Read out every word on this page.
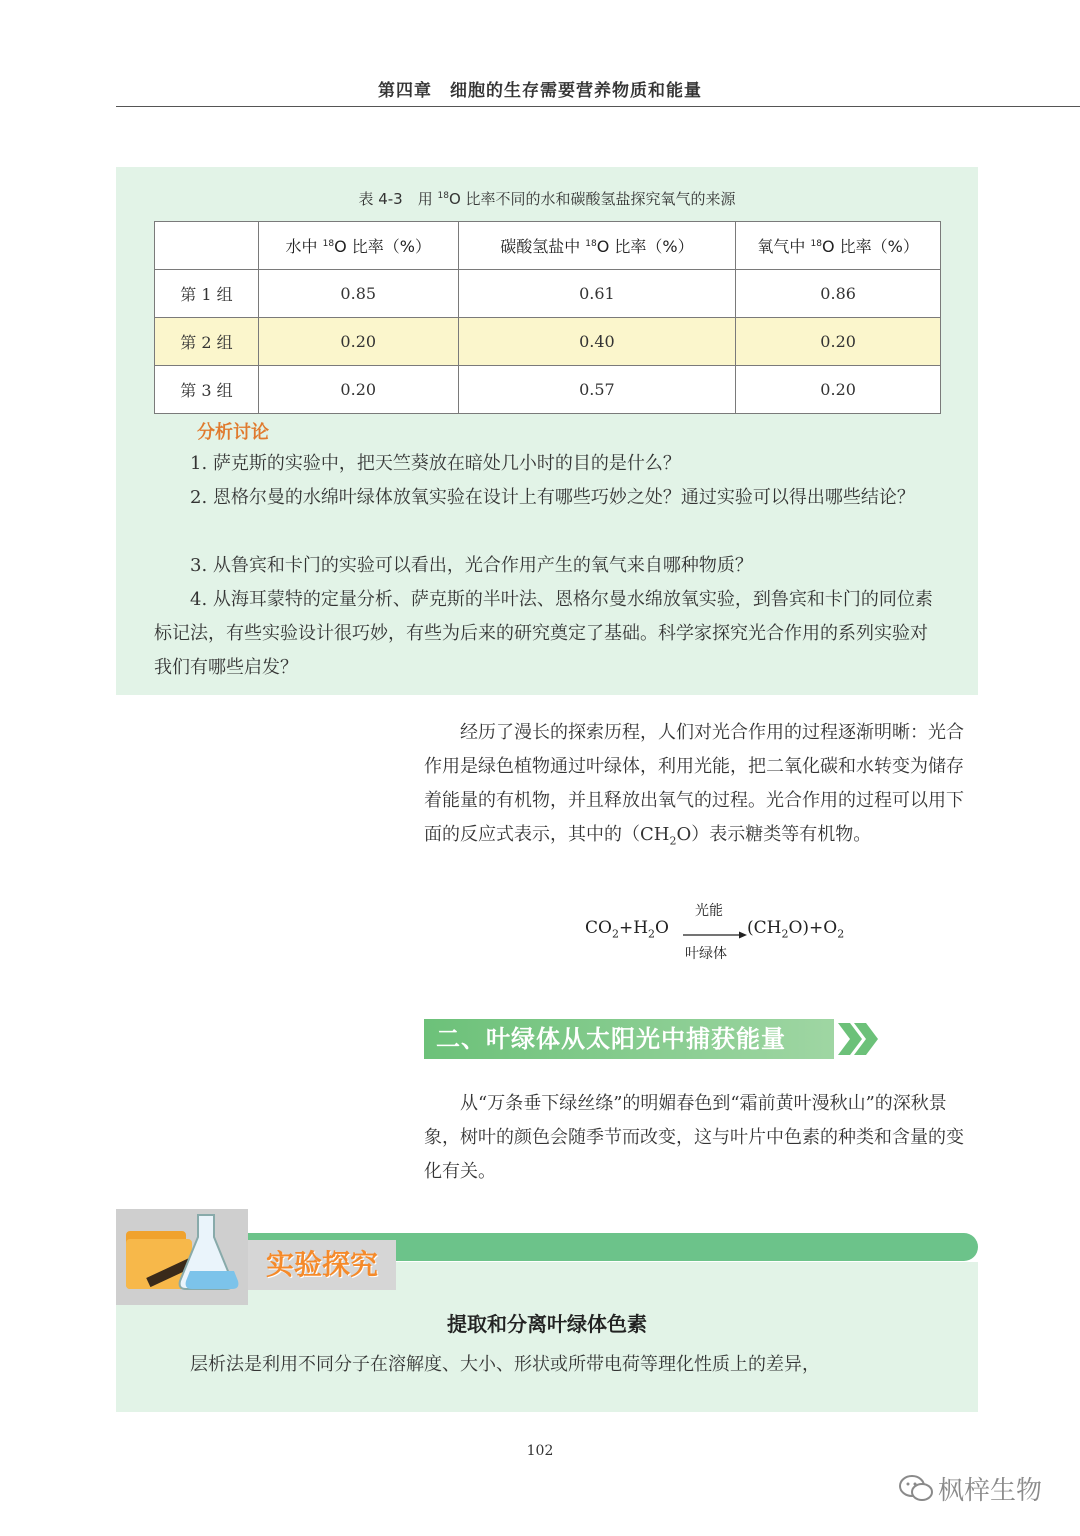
第四章　细胞的生存需要营养物质和能量
表 4-3　用 $^{18}$O 比率不同的水和碳酸氢盐探究氧气的来源
	水中 $^{18}$O 比率（%）	碳酸氢盐中 $^{18}$O 比率（%）	氧气中 $^{18}$O 比率（%）
第 1 组	0.85	0.61	0.86
第 2 组	0.20	0.40	0.20
第 3 组	0.20	0.57	0.20
分析讨论
　　1. 萨克斯的实验中，把天竺葵放在暗处几小时的目的是什么？
　　2. 恩格尔曼的水绵叶绿体放氧实验在设计上有哪些巧妙之处？通过实验可以得出哪些结论？
　　3. 从鲁宾和卡门的实验可以看出，光合作用产生的氧气来自哪种物质？
　　4. 从海耳蒙特的定量分析、萨克斯的半叶法、恩格尔曼水绵放氧实验，到鲁宾和卡门的同位素标记法，有些实验设计很巧妙，有些为后来的研究奠定了基础。科学家探究光合作用的系列实验对我们有哪些启发？
　　经历了漫长的探索历程，人们对光合作用的过程逐渐明晰：光合作用是绿色植物通过叶绿体，利用光能，把二氧化碳和水转变为储存着能量的有机物，并且释放出氧气的过程。光合作用的过程可以用下面的反应式表示，其中的$(CH_2O)$表示糖类等有机物。
$CO_2+H_2O$
光能
叶绿体
$(CH_2O)+O_2$
二、叶绿体从太阳光中捕获能量
　　从“万条垂下绿丝绦”的明媚春色到“霜前黄叶漫秋山”的深秋景象，树叶的颜色会随季节而改变，这与叶片中色素的种类和含量的变化有关。
实验探究
提取和分离叶绿体色素
　　层析法是利用不同分子在溶解度、大小、形状或所带电荷等理化性质上的差异，
102
枫梓生物
